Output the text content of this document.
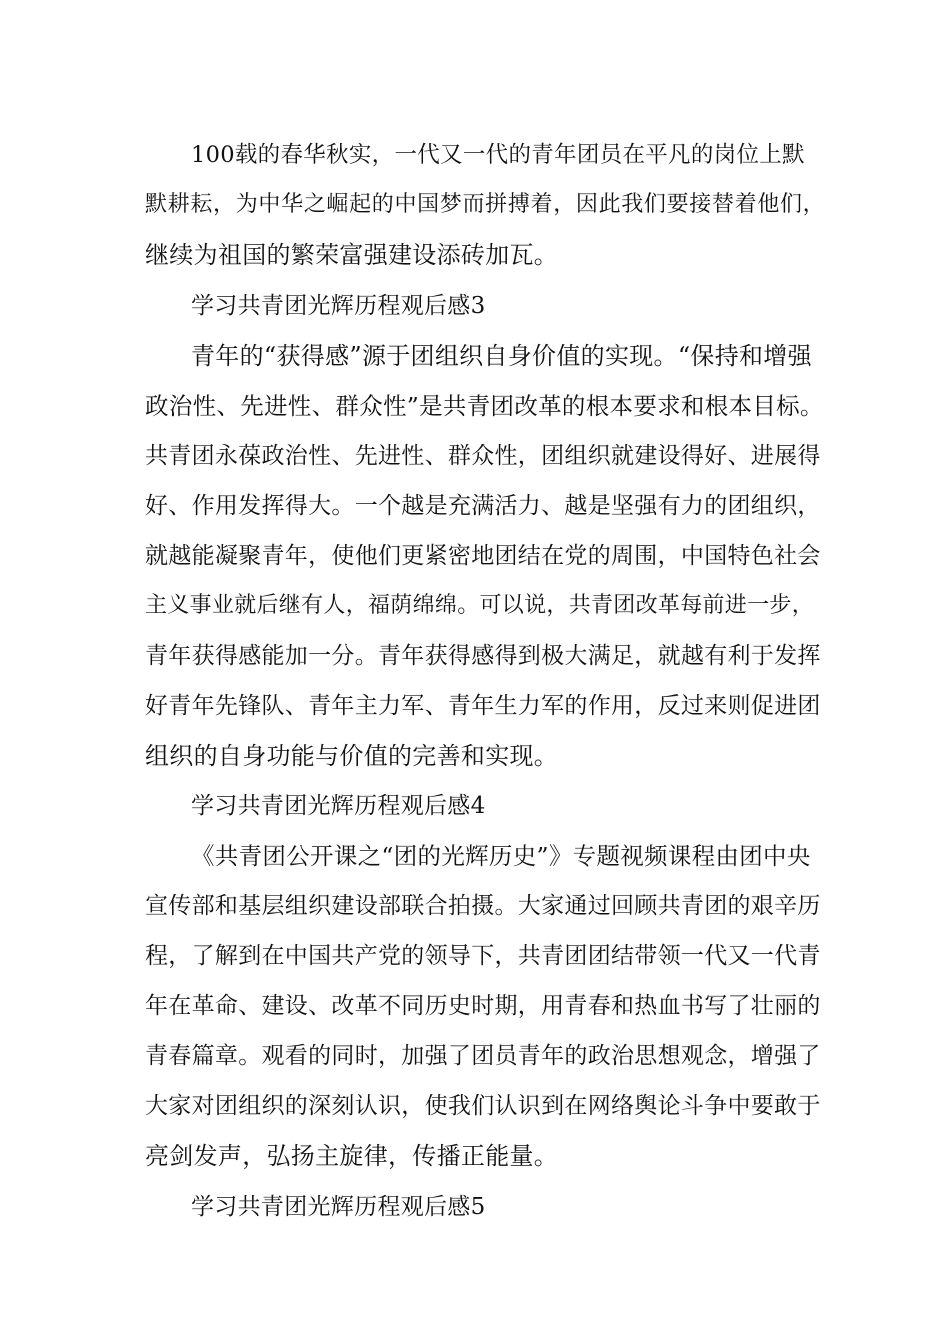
100载的春华秋实，一代又一代的青年团员在平凡的岗位上默
默耕耘，为中华之崛起的中国梦而拼搏着，因此我们要接替着他们，
继续为祖国的繁荣富强建设添砖加瓦。
学习共青团光辉历程观后感3
青年的“获得感”源于团组织自身价值的实现。“保持和增强
政治性、先进性、群众性”是共青团改革的根本要求和根本目标。
共青团永葆政治性、先进性、群众性，团组织就建设得好、进展得
好、作用发挥得大。一个越是充满活力、越是坚强有力的团组织，
就越能凝聚青年，使他们更紧密地团结在党的周围，中国特色社会
主义事业就后继有人，福荫绵绵。可以说，共青团改革每前进一步，
青年获得感能加一分。青年获得感得到极大满足，就越有利于发挥
好青年先锋队、青年主力军、青年生力军的作用，反过来则促进团
组织的自身功能与价值的完善和实现。
学习共青团光辉历程观后感4
《共青团公开课之“团的光辉历史”》专题视频课程由团中央
宣传部和基层组织建设部联合拍摄。大家通过回顾共青团的艰辛历
程，了解到在中国共产党的领导下，共青团团结带领一代又一代青
年在革命、建设、改革不同历史时期，用青春和热血书写了壮丽的
青春篇章。观看的同时，加强了团员青年的政治思想观念，增强了
大家对团组织的深刻认识，使我们认识到在网络舆论斗争中要敢于
亮剑发声，弘扬主旋律，传播正能量。
学习共青团光辉历程观后感5
